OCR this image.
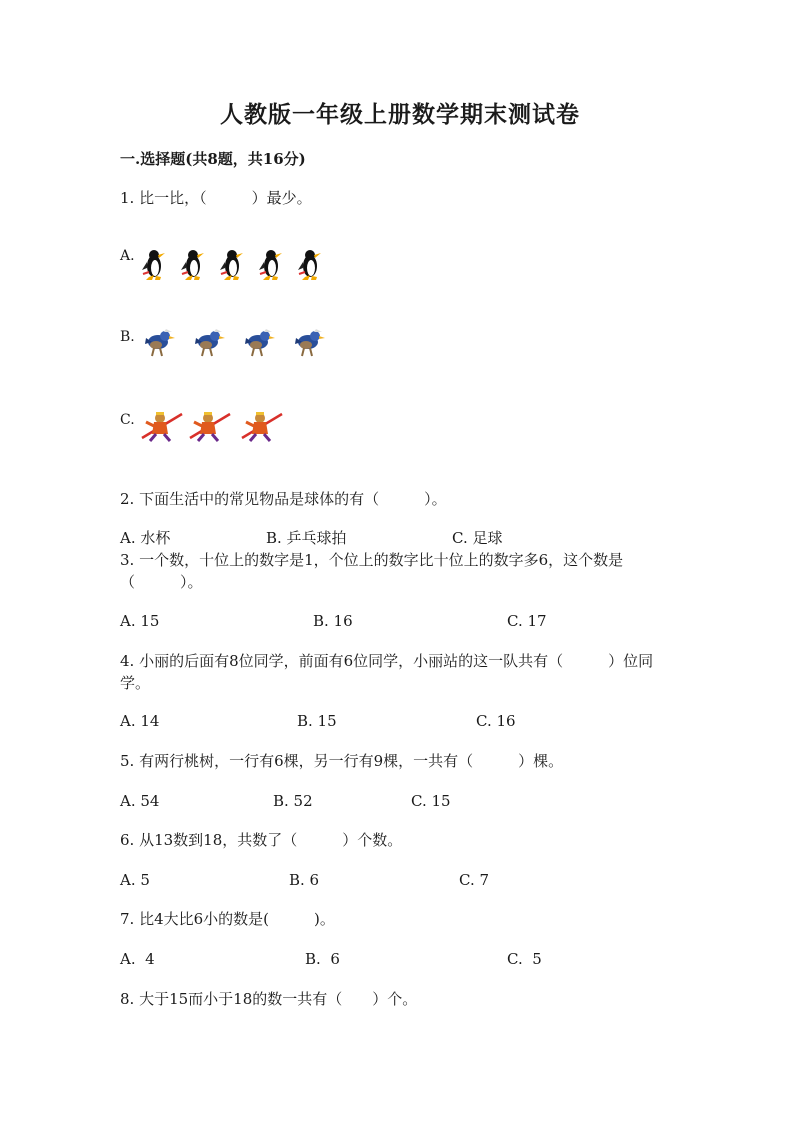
人教版一年级上册数学期末测试卷
一.选择题(共8题，共16分)
1. 比一比，（　　　）最少。
A.
B.
C.
2. 下面生活中的常见物品是球体的有（　　　）。
A. 水杯	B. 乒乓球拍	C. 足球
3. 一个数，十位上的数字是1，个位上的数字比十位上的数字多6，这个数是（　　　）。
A. 15	B. 16	C. 17
4. 小丽的后面有8位同学，前面有6位同学，小丽站的这一队共有（　　　）位同学。
A. 14	B. 15	C. 16
5. 有两行桃树，一行有6棵，另一行有9棵，一共有（　　　）棵。
A. 54	B. 52	C. 15
6. 从13数到18，共数了（　　　）个数。
A. 5	B. 6	C. 7
7. 比4大比6小的数是(　　　)。
A.  4	B.  6	C.  5
8. 大于15而小于18的数一共有（　　）个。
